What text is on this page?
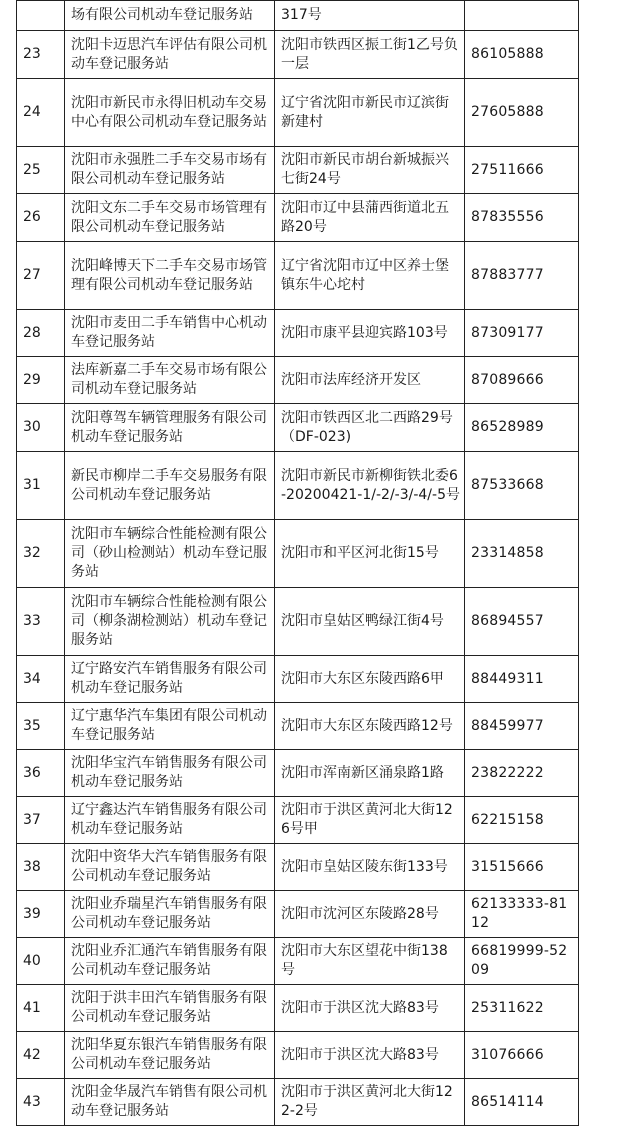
	场有限公司机动车登记服务站	317号	
23	沈阳卡迈思汽车评估有限公司机动车登记服务站	沈阳市铁西区振工街1乙号负一层	86105888
24	沈阳市新民市永得旧机动车交易中心有限公司机动车登记服务站	辽宁省沈阳市新民市辽滨街新建村	27605888
25	沈阳市永强胜二手车交易市场有限公司机动车登记服务站	沈阳市新民市胡台新城振兴七街24号	27511666
26	沈阳文东二手车交易市场管理有限公司机动车登记服务站	沈阳市辽中县蒲西街道北五路20号	87835556
27	沈阳峰博天下二手车交易市场管理有限公司机动车登记服务站	辽宁省沈阳市辽中区养士堡镇东牛心坨村	87883777
28	沈阳市麦田二手车销售中心机动车登记服务站	沈阳市康平县迎宾路103号	87309177
29	法库新嘉二手车交易市场有限公司机动车登记服务站	沈阳市法库经济开发区	87089666
30	沈阳尊驾车辆管理服务有限公司机动车登记服务站	沈阳市铁西区北二西路29号（DF-023)	86528989
31	新民市柳岸二手车交易服务有限公司机动车登记服务站	沈阳市新民市新柳街铁北委6-20200421-1/-2/-3/-4/-5号	87533668
32	沈阳市车辆综合性能检测有限公司（砂山检测站）机动车登记服务站	沈阳市和平区河北街15号	23314858
33	沈阳市车辆综合性能检测有限公司（柳条湖检测站）机动车登记服务站	沈阳市皇姑区鸭绿江街4号	86894557
34	辽宁路安汽车销售服务有限公司机动车登记服务站	沈阳市大东区东陵西路6甲	88449311
35	辽宁惠华汽车集团有限公司机动车登记服务站	沈阳市大东区东陵西路12号	88459977
36	沈阳华宝汽车销售服务有限公司机动车登记服务站	沈阳市浑南新区涌泉路1路	23822222
37	辽宁鑫达汽车销售服务有限公司机动车登记服务站	沈阳市于洪区黄河北大街126号甲	62215158
38	沈阳中资华大汽车销售服务有限公司机动车登记服务站	沈阳市皇姑区陵东街133号	31515666
39	沈阳业乔瑞星汽车销售服务有限公司机动车登记服务站	沈阳市沈河区东陵路28号	62133333-8112
40	沈阳业乔汇通汽车销售服务有限公司机动车登记服务站	沈阳市大东区望花中街138号	66819999-5209
41	沈阳于洪丰田汽车销售服务有限公司机动车登记服务站	沈阳市于洪区沈大路83号	25311622
42	沈阳华夏东银汽车销售服务有限公司机动车登记服务站	沈阳市于洪区沈大路83号	31076666
43	沈阳金华晟汽车销售有限公司机动车登记服务站	沈阳市于洪区黄河北大街122-2号	86514114
